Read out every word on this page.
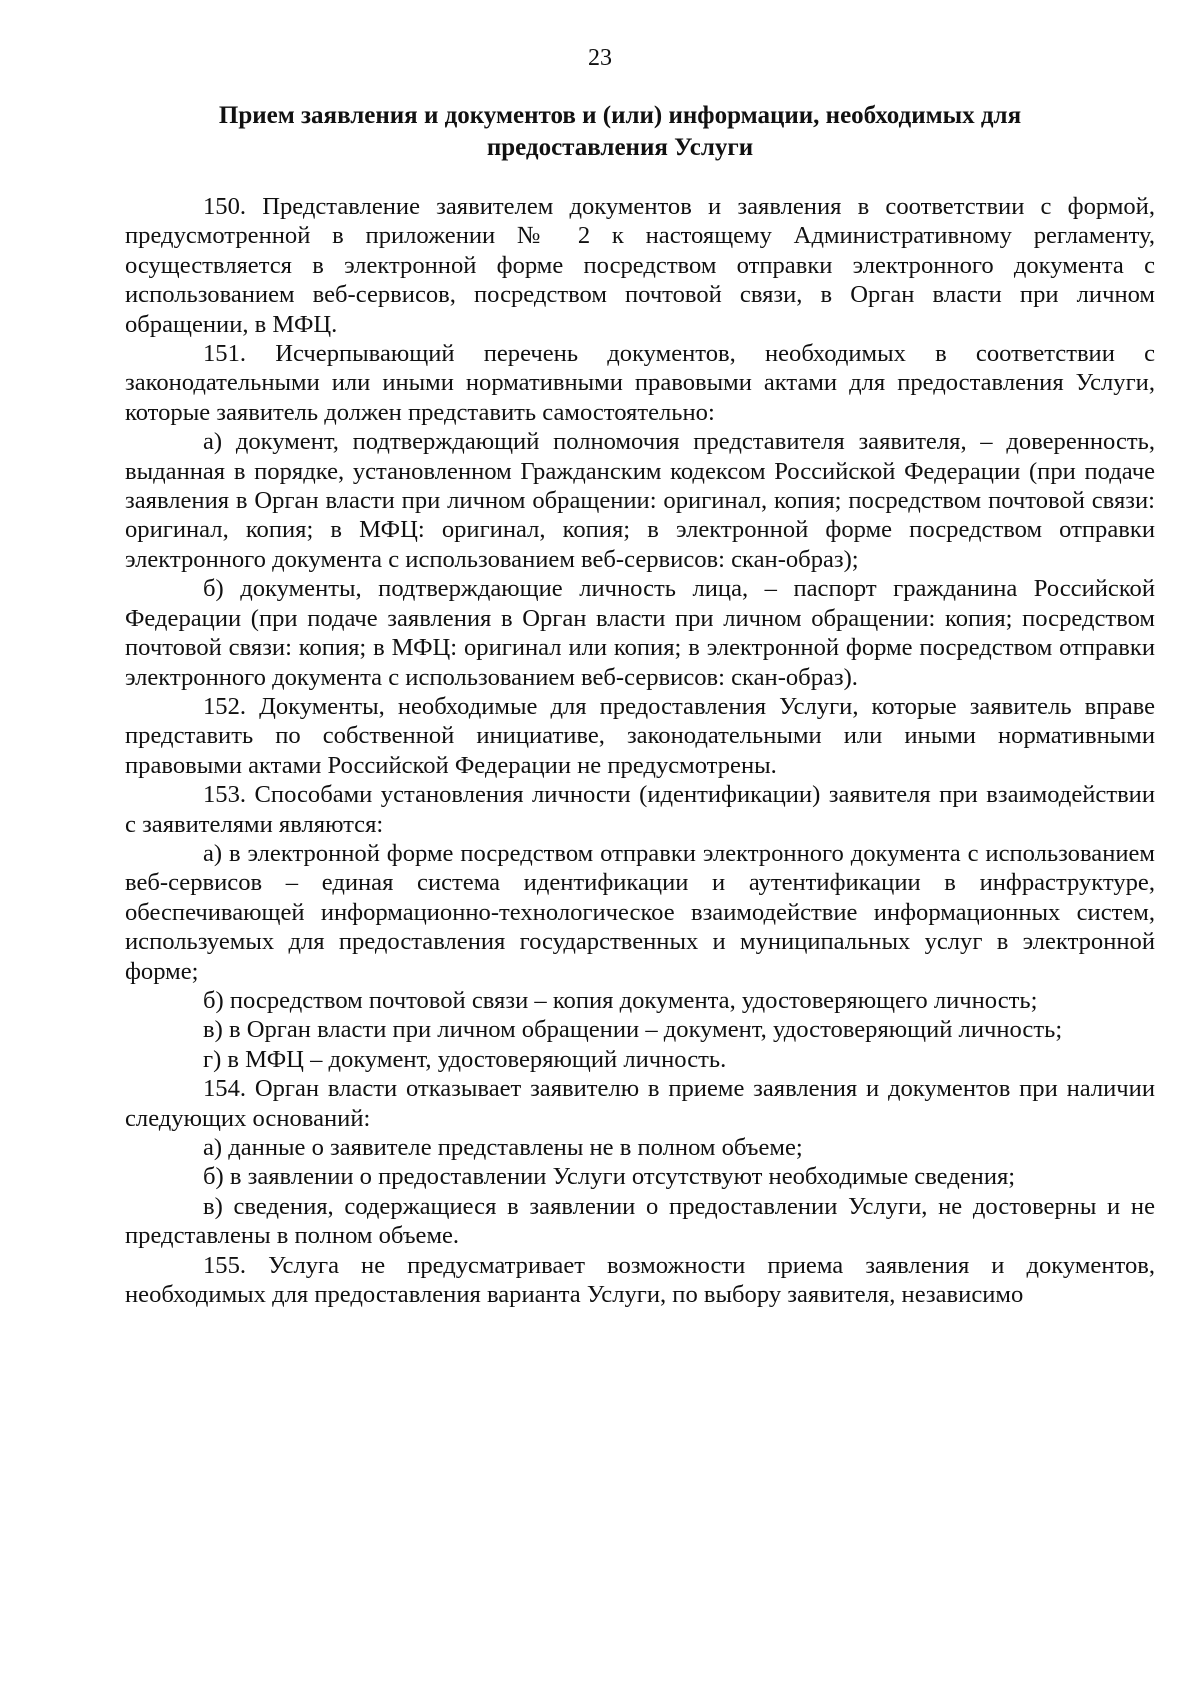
23
Прием заявления и документов и (или) информации, необходимых для предоставления Услуги

150. Представление заявителем документов и заявления в соответствии с формой, предусмотренной в приложении № 2 к настоящему Административному регламенту, осуществляется в электронной форме посредством отправки электронного документа с использованием веб-сервисов, посредством почтовой связи, в Орган власти при личном обращении, в МФЦ.

151. Исчерпывающий перечень документов, необходимых в соответствии с законодательными или иными нормативными правовыми актами для предоставления Услуги, которые заявитель должен представить самостоятельно:

а) документ, подтверждающий полномочия представителя заявителя, – доверенность, выданная в порядке, установленном Гражданским кодексом Российской Федерации (при подаче заявления в Орган власти при личном обращении: оригинал, копия; посредством почтовой связи: оригинал, копия; в МФЦ: оригинал, копия; в электронной форме посредством отправки электронного документа с использованием веб-сервисов: скан-образ);

б) документы, подтверждающие личность лица, – паспорт гражданина Российской Федерации (при подаче заявления в Орган власти при личном обращении: копия; посредством почтовой связи: копия; в МФЦ: оригинал или копия; в электронной форме посредством отправки электронного документа с использованием веб-сервисов: скан-образ).

152. Документы, необходимые для предоставления Услуги, которые заявитель вправе представить по собственной инициативе, законодательными или иными нормативными правовыми актами Российской Федерации не предусмотрены.

153. Способами установления личности (идентификации) заявителя при взаимодействии с заявителями являются:

а) в электронной форме посредством отправки электронного документа с использованием веб-сервисов – единая система идентификации и аутентификации в инфраструктуре, обеспечивающей информационно-технологическое взаимодействие информационных систем, используемых для предоставления государственных и муниципальных услуг в электронной форме;

б) посредством почтовой связи – копия документа, удостоверяющего личность;

в) в Орган власти при личном обращении – документ, удостоверяющий личность;

г) в МФЦ – документ, удостоверяющий личность.

154. Орган власти отказывает заявителю в приеме заявления и документов при наличии следующих оснований:

а) данные о заявителе представлены не в полном объеме;

б) в заявлении о предоставлении Услуги отсутствуют необходимые сведения;

в) сведения, содержащиеся в заявлении о предоставлении Услуги, не достоверны и не представлены в полном объеме.

155. Услуга не предусматривает возможности приема заявления и документов, необходимых для предоставления варианта Услуги, по выбору заявителя, независимо
